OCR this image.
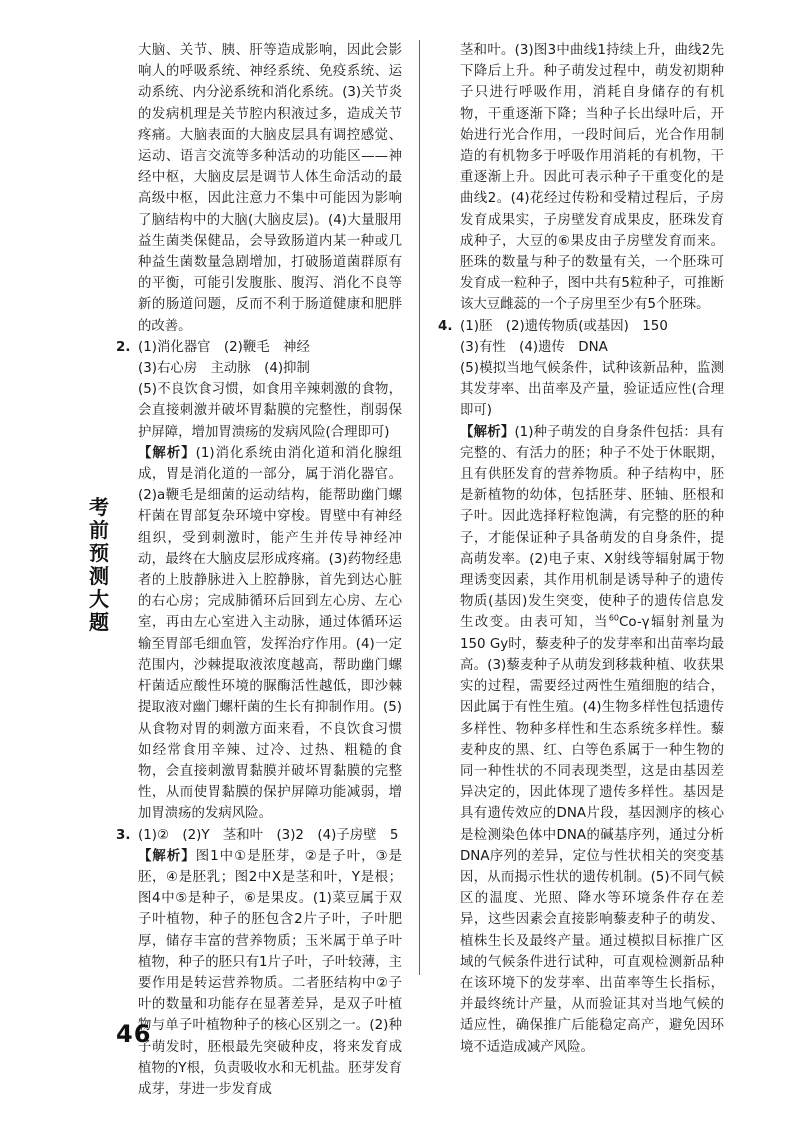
考
前
预
测
大
题

大脑、关节、胰、肝等造成影响，因此会影响人的呼吸系统、神经系统、免疫系统、运动系统、内分泌系统和消化系统。(3)关节炎的发病机理是关节腔内积液过多，造成关节疼痛。大脑表面的大脑皮层具有调控感觉、运动、语言交流等多种活动的功能区——神经中枢，大脑皮层是调节人体生命活动的最高级中枢，因此注意力不集中可能因为影响了脑结构中的大脑(大脑皮层)。(4)大量服用益生菌类保健品，会导致肠道内某一种或几种益生菌数量急剧增加，打破肠道菌群原有的平衡，可能引发腹胀、腹泻、消化不良等新的肠道问题，反而不利于肠道健康和肥胖的改善。

2. (1)消化器官　(2)鞭毛　神经

(3)右心房　主动脉　(4)抑制

(5)不良饮食习惯，如食用辛辣刺激的食物，会直接刺激并破坏胃黏膜的完整性，削弱保护屏障，增加胃溃疡的发病风险(合理即可)

【解析】(1)消化系统由消化道和消化腺组成，胃是消化道的一部分，属于消化器官。(2)a鞭毛是细菌的运动结构，能帮助幽门螺杆菌在胃部复杂环境中穿梭。胃壁中有神经组织，受到刺激时，能产生并传导神经冲动，最终在大脑皮层形成疼痛。(3)药物经患者的上肢静脉进入上腔静脉，首先到达心脏的右心房；完成肺循环后回到左心房、左心室，再由左心室进入主动脉，通过体循环运输至胃部毛细血管，发挥治疗作用。(4)一定范围内，沙棘提取液浓度越高，帮助幽门螺杆菌适应酸性环境的脲酶活性越低，即沙棘提取液对幽门螺杆菌的生长有抑制作用。(5)从食物对胃的刺激方面来看，不良饮食习惯如经常食用辛辣、过冷、过热、粗糙的食物，会直接刺激胃黏膜并破坏胃黏膜的完整性，从而使胃黏膜的保护屏障功能减弱，增加胃溃疡的发病风险。

3. (1)②　(2)Y　茎和叶　(3)2　(4)子房壁　5

【解析】图1中①是胚芽，②是子叶，③是胚，④是胚乳；图2中X是茎和叶，Y是根；图4中⑤是种子，⑥是果皮。(1)菜豆属于双子叶植物，种子的胚包含2片子叶，子叶肥厚，储存丰富的营养物质；玉米属于单子叶植物，种子的胚只有1片子叶，子叶较薄，主要作用是转运营养物质。二者胚结构中②子叶的数量和功能存在显著差异，是双子叶植物与单子叶植物种子的核心区别之一。(2)种子萌发时，胚根最先突破种皮，将来发育成植物的Y根，负责吸收水和无机盐。胚芽发育成芽，芽进一步发育成

茎和叶。(3)图3中曲线1持续上升，曲线2先下降后上升。种子萌发过程中，萌发初期种子只进行呼吸作用，消耗自身储存的有机物，干重逐渐下降；当种子长出绿叶后，开始进行光合作用，一段时间后，光合作用制造的有机物多于呼吸作用消耗的有机物，干重逐渐上升。因此可表示种子干重变化的是曲线2。(4)花经过传粉和受精过程后，子房发育成果实，子房壁发育成果皮，胚珠发育成种子，大豆的⑥果皮由子房壁发育而来。胚珠的数量与种子的数量有关，一个胚珠可发育成一粒种子，图中共有5粒种子，可推断该大豆雌蕊的一个子房里至少有5个胚珠。

4. (1)胚　(2)遗传物质(或基因)　150

(3)有性　(4)遗传　DNA

(5)模拟当地气候条件，试种该新品种，监测其发芽率、出苗率及产量，验证适应性(合理即可)

【解析】(1)种子萌发的自身条件包括：具有完整的、有活力的胚；种子不处于休眠期，且有供胚发育的营养物质。种子结构中，胚是新植物的幼体，包括胚芽、胚轴、胚根和子叶。因此选择籽粒饱满，有完整的胚的种子，才能保证种子具备萌发的自身条件，提高萌发率。(2)电子束、X射线等辐射属于物理诱变因素，其作用机制是诱导种子的遗传物质(基因)发生突变，使种子的遗传信息发生改变。由表可知，当$^{60}$Co-γ辐射剂量为150 Gy时，藜麦种子的发芽率和出苗率均最高。(3)藜麦种子从萌发到移栽种植、收获果实的过程，需要经过两性生殖细胞的结合，因此属于有性生殖。(4)生物多样性包括遗传多样性、物种多样性和生态系统多样性。藜麦种皮的黑、红、白等色系属于一种生物的同一种性状的不同表现类型，这是由基因差异决定的，因此体现了遗传多样性。基因是具有遗传效应的DNA片段，基因测序的核心是检测染色体中DNA的碱基序列，通过分析DNA序列的差异，定位与性状相关的突变基因，从而揭示性状的遗传机制。(5)不同气候区的温度、光照、降水等环境条件存在差异，这些因素会直接影响藜麦种子的萌发、植株生长及最终产量。通过模拟目标推广区域的气候条件进行试种，可直观检测新品种在该环境下的发芽率、出苗率等生长指标，并最终统计产量，从而验证其对当地气候的适应性，确保推广后能稳定高产，避免因环境不适造成减产风险。

46
